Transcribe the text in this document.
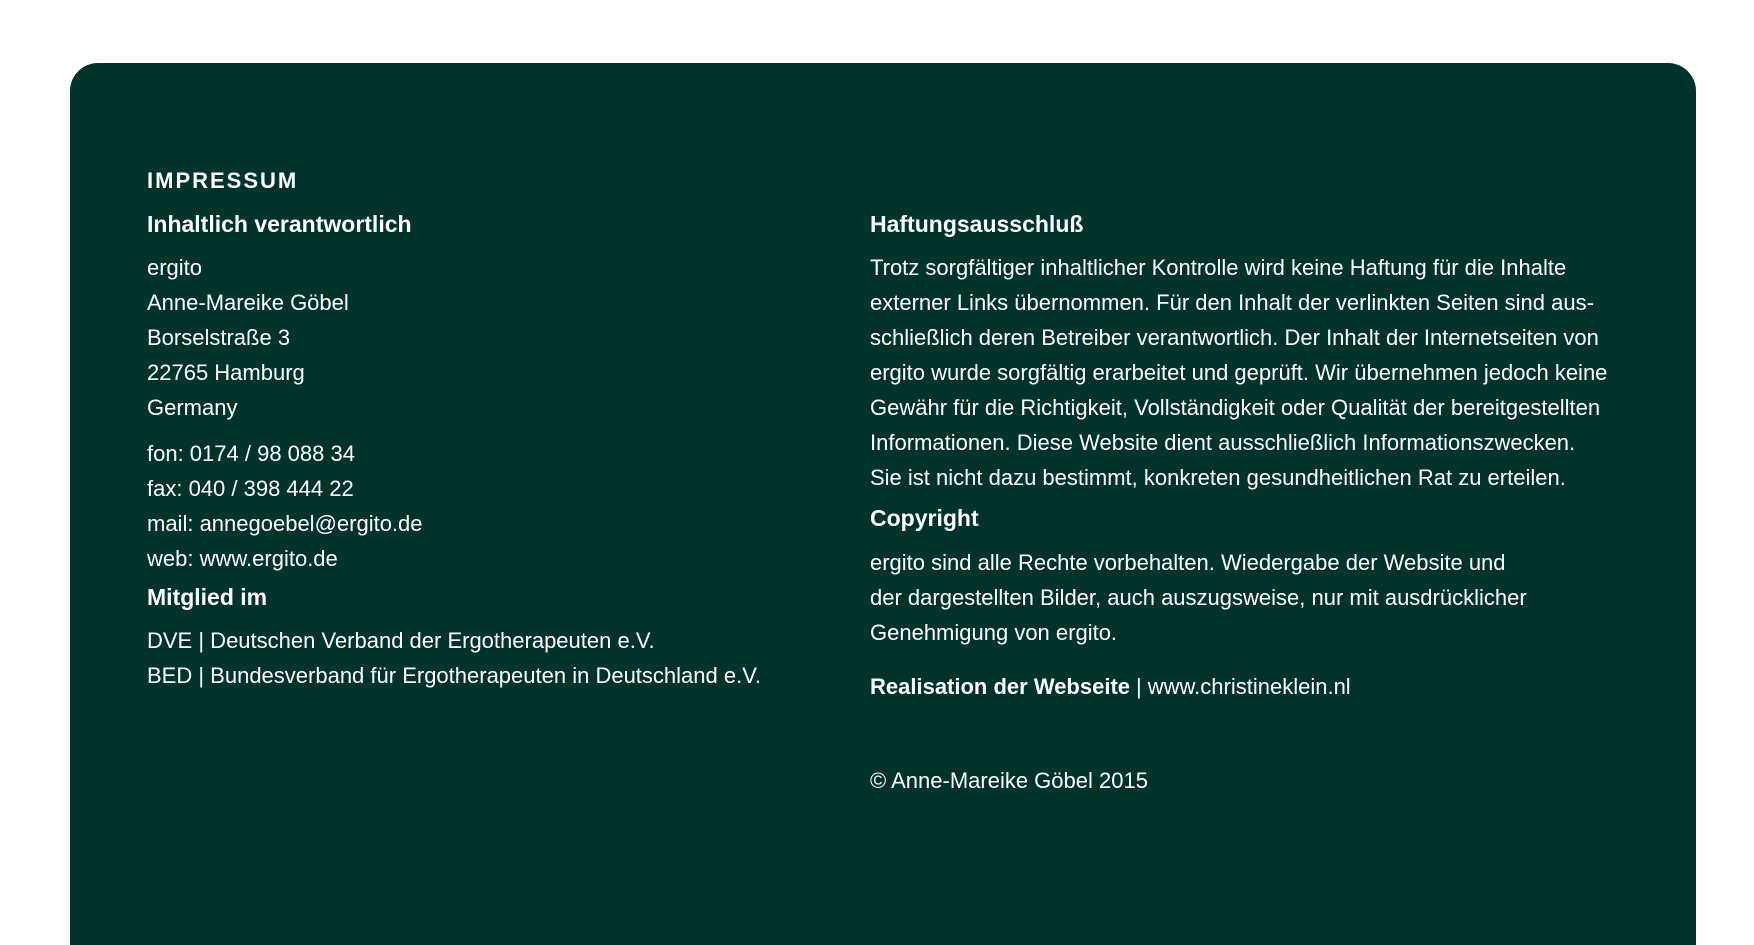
IMPRESSUM
Inhaltlich verantwortlich
ergito
Anne-Mareike Göbel
Borselstraße 3
22765 Hamburg
Germany
fon: 0174 / 98 088 34
fax: 040 / 398 444 22
mail: annegoebel@ergito.de
web: www.ergito.de
Mitglied im
DVE | Deutschen Verband der Ergotherapeuten e.V.
BED | Bundesverband für Ergotherapeuten in Deutschland e.V.
Haftungsausschluß

Trotz sorgfältiger inhaltlicher Kontrolle wird keine Haftung für die Inhalte
externer Links übernommen. Für den Inhalt der verlinkten Seiten sind aus-
schließlich deren Betreiber verantwortlich. Der Inhalt der Internetseiten von
ergito wurde sorgfältig erarbeitet und geprüft. Wir übernehmen jedoch keine
Gewähr für die Richtigkeit, Vollständigkeit oder Qualität der bereitgestellten
Informationen. Diese Website dient ausschließlich Informationszwecken.
Sie ist nicht dazu bestimmt, konkreten gesundheitlichen Rat zu erteilen.

Copyright

ergito sind alle Rechte vorbehalten. Wiedergabe der Website und
der dargestellten Bilder, auch auszugsweise, nur mit ausdrücklicher
Genehmigung von ergito.

Realisation der Webseite | www.christineklein.nl

© Anne-Mareike Göbel 2015
